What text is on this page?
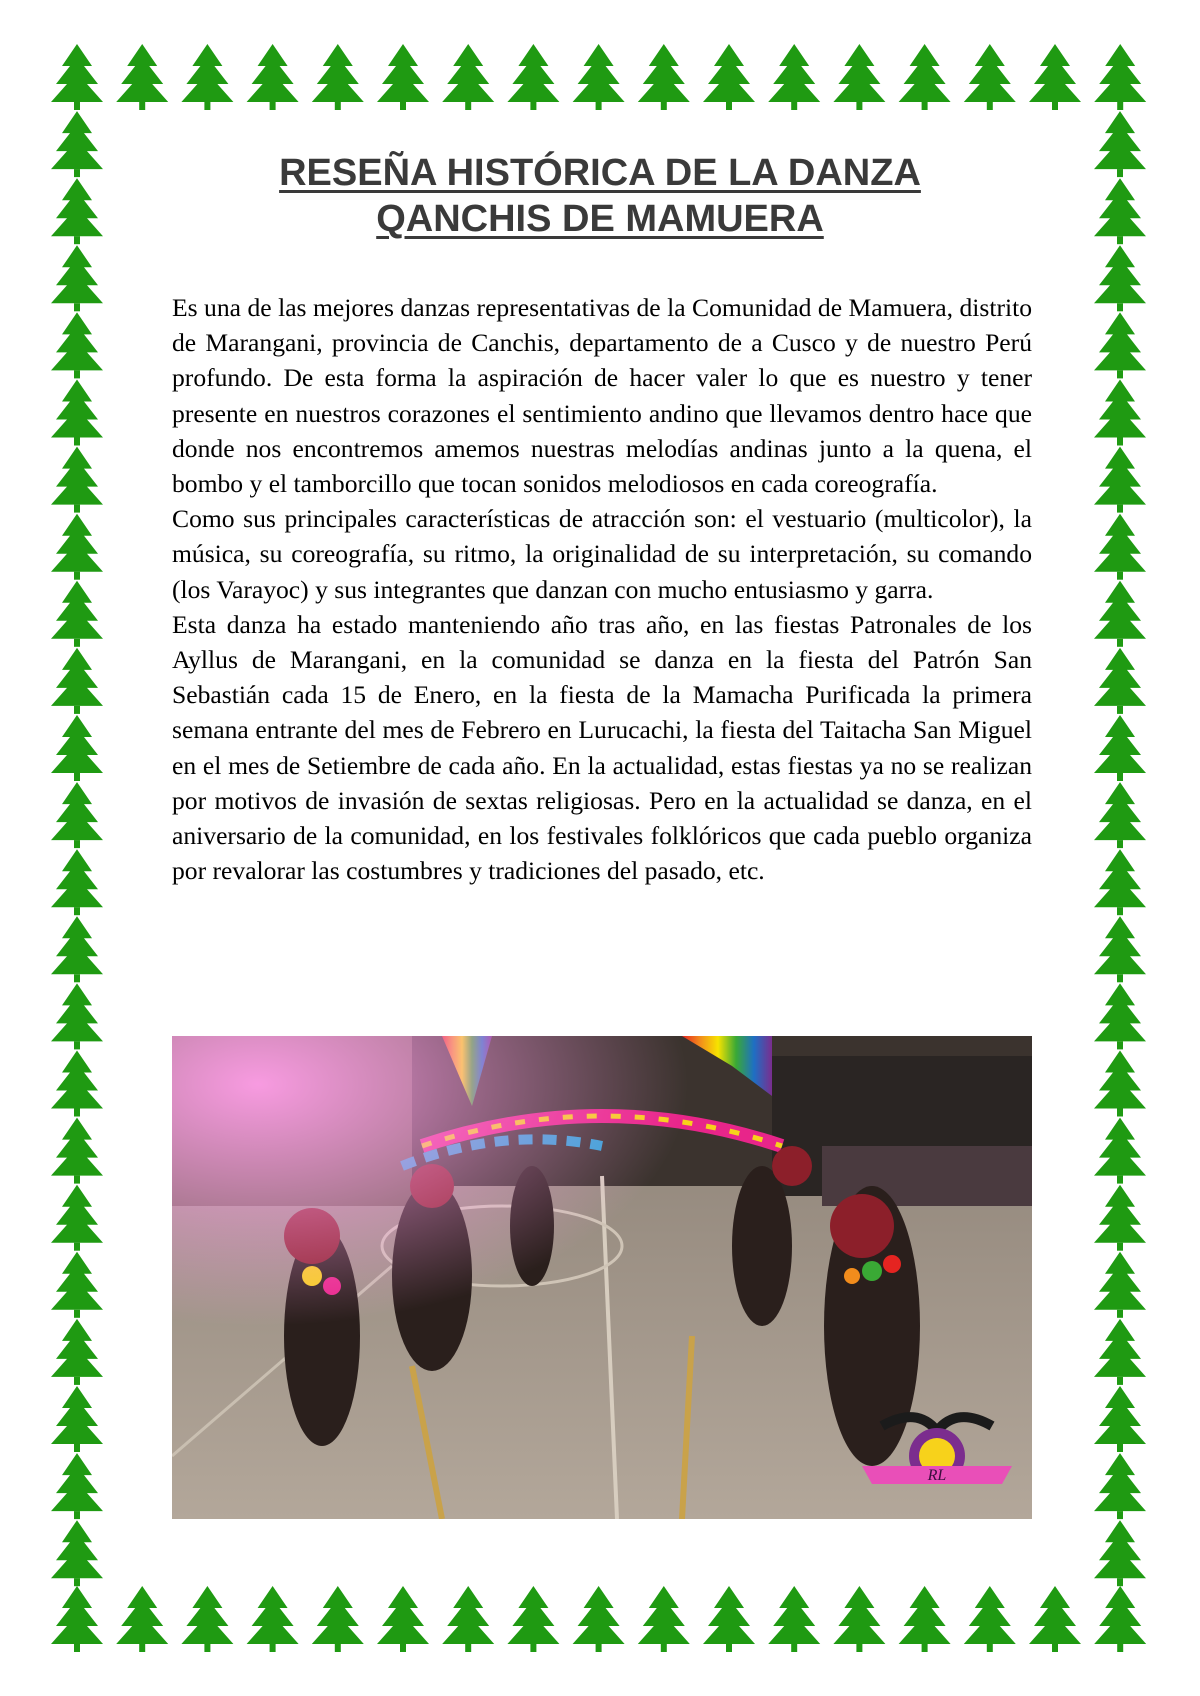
RESEÑA HISTÓRICA DE LA DANZA
QANCHIS DE MAMUERA

Es una de las mejores danzas representativas de la Comunidad de Mamuera, distrito de Marangani, provincia de Canchis, departamento de a Cusco y de nuestro Perú profundo. De esta forma la aspiración de hacer valer lo que es nuestro y tener presente en nuestros corazones el sentimiento andino que llevamos dentro hace que donde nos encontremos amemos nuestras melodías andinas junto a la quena, el bombo y el tamborcillo que tocan sonidos melodiosos en cada coreografía.

Como sus principales características de atracción son: el vestuario (multicolor), la música, su coreografía, su ritmo, la originalidad de su interpretación, su comando (los Varayoc) y sus integrantes que danzan con mucho entusiasmo y garra.

Esta danza ha estado manteniendo año tras año, en las fiestas Patronales de los Ayllus de Marangani, en la comunidad se danza en la fiesta del Patrón San Sebastián cada 15 de Enero, en la fiesta de la Mamacha Purificada la primera semana entrante del mes de Febrero en Lurucachi, la fiesta del Taitacha San Miguel en el mes de Setiembre de cada año. En la actualidad, estas fiestas ya no se realizan por motivos de invasión de sextas religiosas. Pero en la actualidad se danza, en el aniversario de la comunidad, en los festivales folklóricos que cada pueblo organiza por revalorar las costumbres y tradiciones del pasado, etc.

RL
